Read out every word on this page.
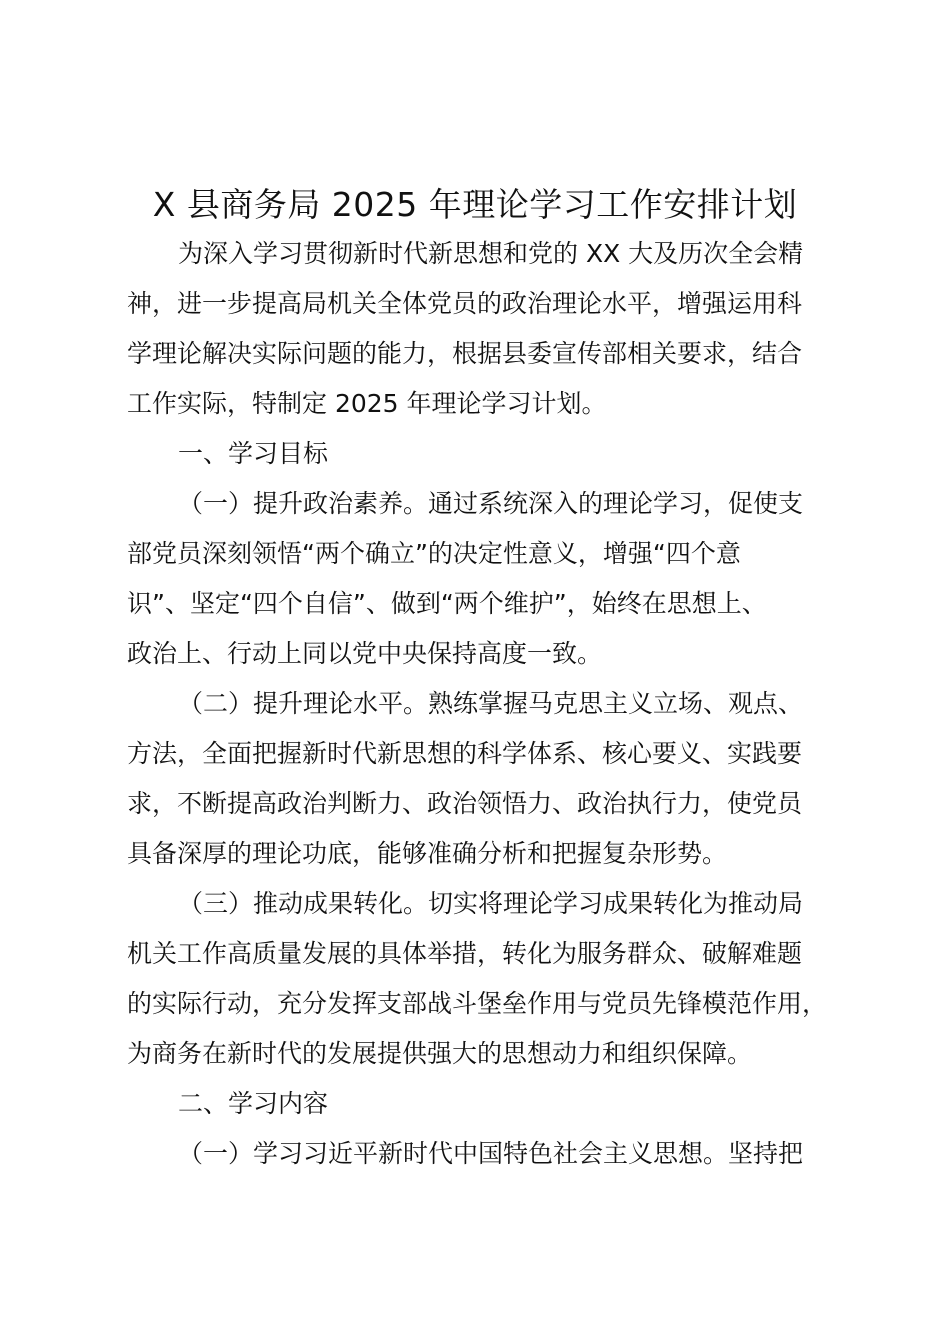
X 县商务局 2025 年理论学习工作安排计划
为深入学习贯彻新时代新思想和党的 XX 大及历次全会精
神，进一步提高局机关全体党员的政治理论水平，增强运用科
学理论解决实际问题的能力，根据县委宣传部相关要求，结合
工作实际，特制定 2025 年理论学习计划。
一、学习目标
（一）提升政治素养。通过系统深入的理论学习，促使支
部党员深刻领悟“两个确立”的决定性意义，增强“四个意
识”、坚定“四个自信”、做到“两个维护”，始终在思想上、
政治上、行动上同以党中央保持高度一致。
（二）提升理论水平。熟练掌握马克思主义立场、观点、
方法，全面把握新时代新思想的科学体系、核心要义、实践要
求，不断提高政治判断力、政治领悟力、政治执行力，使党员
具备深厚的理论功底，能够准确分析和把握复杂形势。
（三）推动成果转化。切实将理论学习成果转化为推动局
机关工作高质量发展的具体举措，转化为服务群众、破解难题
的实际行动，充分发挥支部战斗堡垒作用与党员先锋模范作用，
为商务在新时代的发展提供强大的思想动力和组织保障。
二、学习内容
（一）学习习近平新时代中国特色社会主义思想。坚持把
